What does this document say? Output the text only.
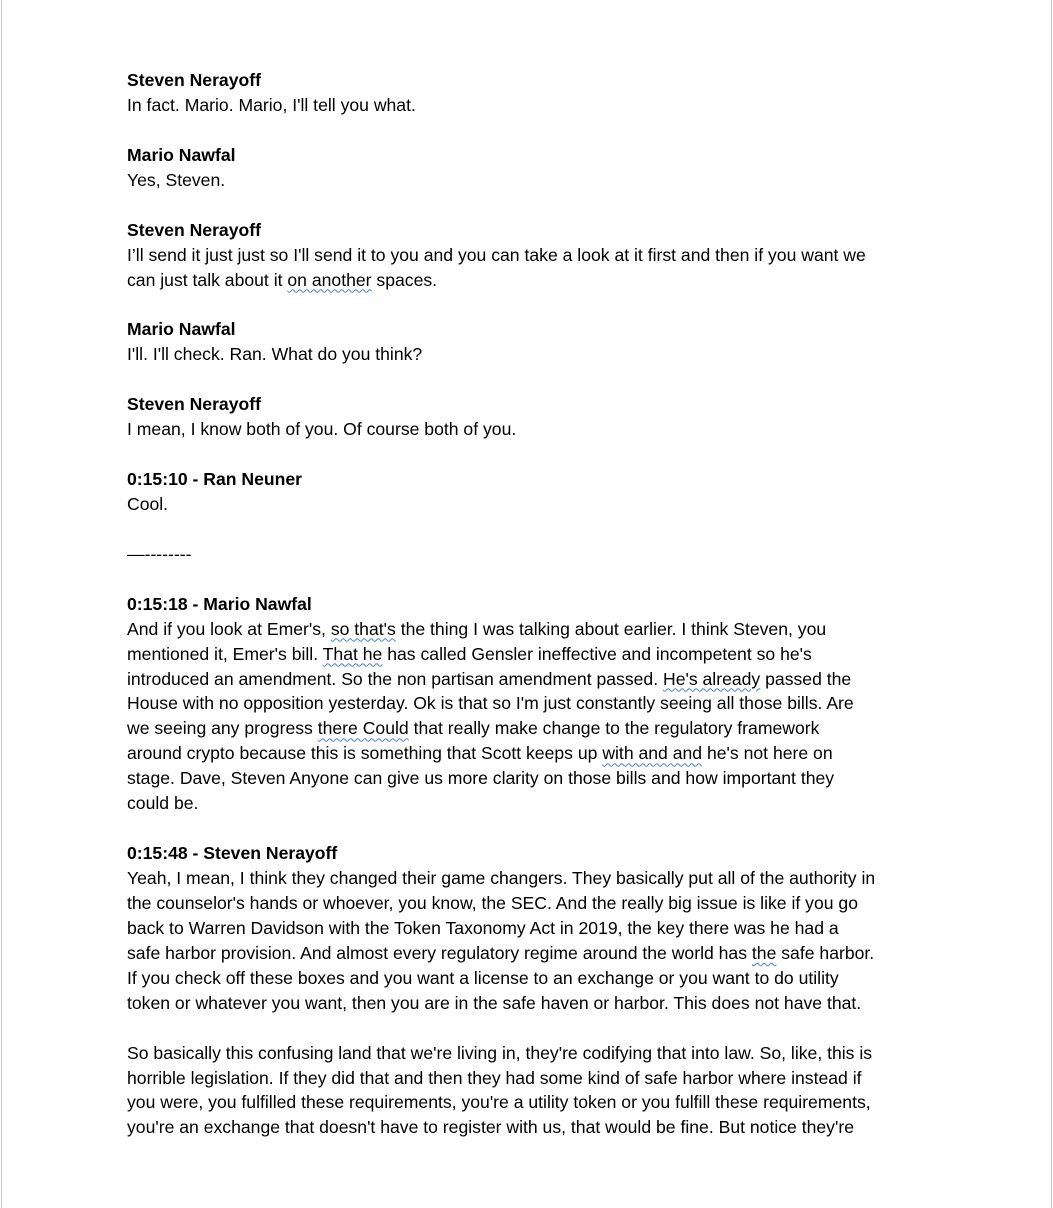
Steven Nerayoff
In fact. Mario. Mario, I'll tell you what.
Mario Nawfal
Yes, Steven.
Steven Nerayoff
I’ll send it just just so I'll send it to you and you can take a look at it first and then if you want we
can just talk about it on another spaces.
Mario Nawfal
I'll. I'll check. Ran. What do you think?
Steven Nerayoff
I mean, I know both of you. Of course both of you.
0:15:10 - Ran Neuner
Cool.
—--------
0:15:18 - Mario Nawfal
And if you look at Emer's, so that's the thing I was talking about earlier. I think Steven, you
mentioned it, Emer's bill. That he has called Gensler ineffective and incompetent so he's
introduced an amendment. So the non partisan amendment passed. He's already passed the
House with no opposition yesterday. Ok is that so I'm just constantly seeing all those bills. Are
we seeing any progress there Could that really make change to the regulatory framework
around crypto because this is something that Scott keeps up with and and he's not here on
stage. Dave, Steven Anyone can give us more clarity on those bills and how important they
could be.
0:15:48 - Steven Nerayoff
Yeah, I mean, I think they changed their game changers. They basically put all of the authority in
the counselor's hands or whoever, you know, the SEC. And the really big issue is like if you go
back to Warren Davidson with the Token Taxonomy Act in 2019, the key there was he had a
safe harbor provision. And almost every regulatory regime around the world has the safe harbor.
If you check off these boxes and you want a license to an exchange or you want to do utility
token or whatever you want, then you are in the safe haven or harbor. This does not have that.
So basically this confusing land that we're living in, they're codifying that into law. So, like, this is
horrible legislation. If they did that and then they had some kind of safe harbor where instead if
you were, you fulfilled these requirements, you're a utility token or you fulfill these requirements,
you're an exchange that doesn't have to register with us, that would be fine. But notice they're
